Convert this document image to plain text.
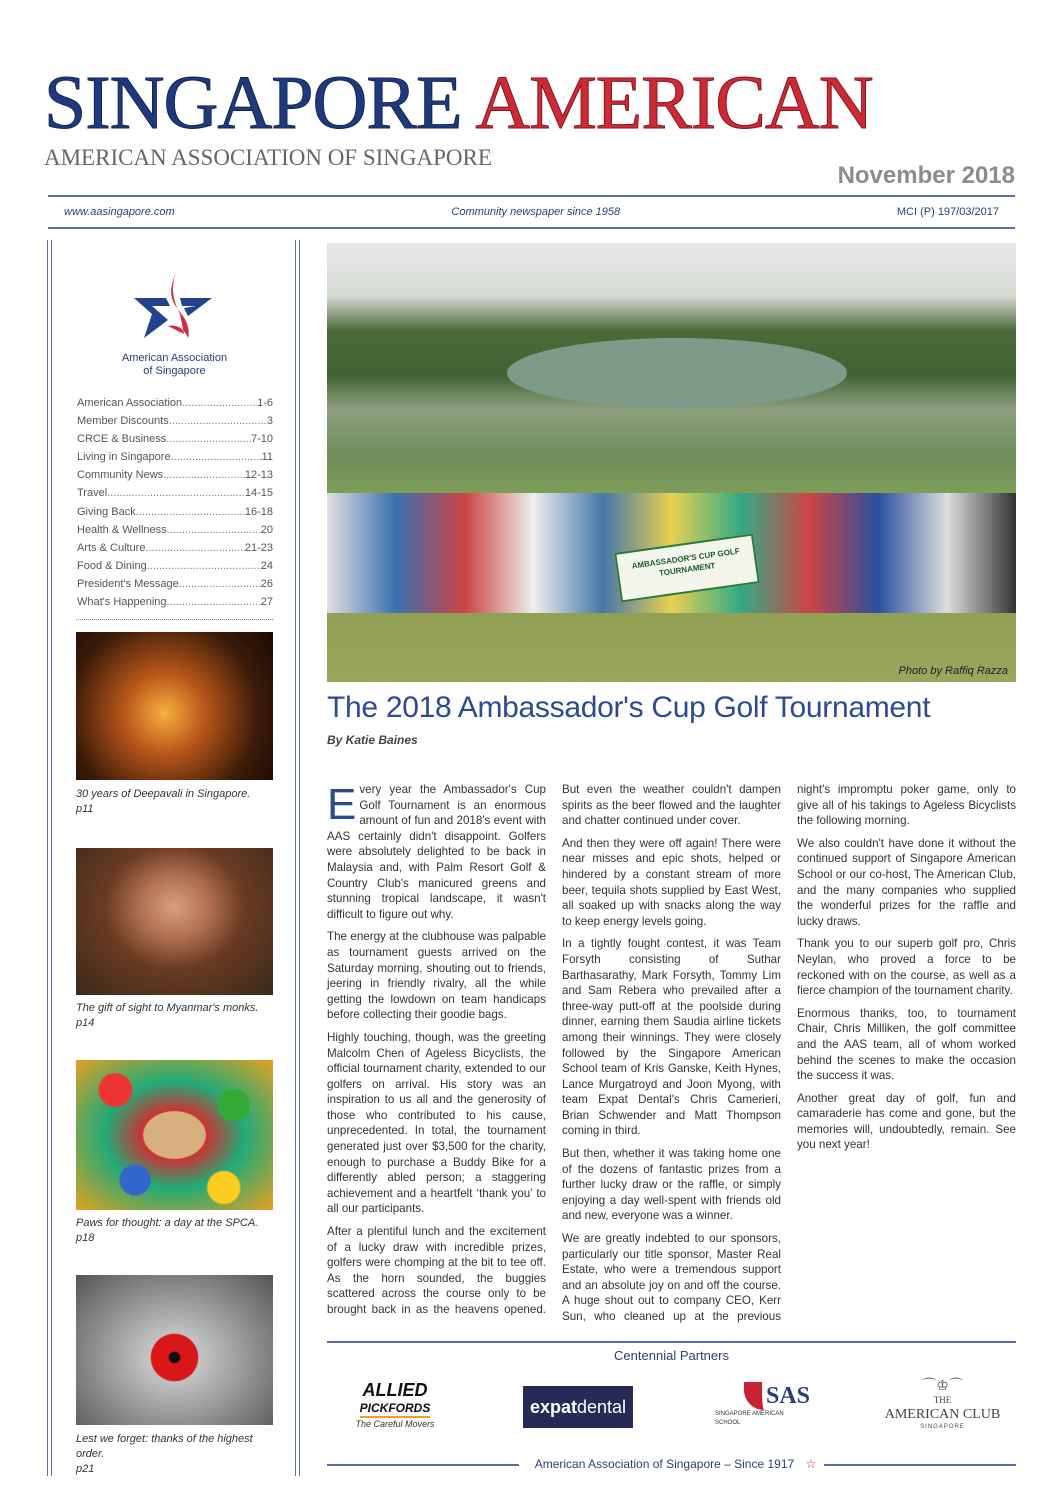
SINGAPORE AMERICAN
AMERICAN ASSOCIATION OF SINGAPORE
November 2018
www.aasingapore.com	Community newspaper since 1958	MCI (P) 197/03/2017
American Association
of Singapore
American Association .....	1-6
Member Discounts .....	3
CRCE & Business .....	7-10
Living in Singapore .....	11
Community News .....	12-13
Travel .....	14-15
Giving Back .....	16-18
Health & Wellness .....	20
Arts & Culture .....	21-23
Food & Dining .....	24
President's Message .....	26
What's Happening .....	27
30 years of Deepavali in Singapore.
p11
The gift of sight to Myanmar's monks.
p14
Paws for thought: a day at the SPCA.
p18
Lest we forget: thanks of the highest order.
p21
AMBASSADOR'S CUP GOLF TOURNAMENT
Photo by Raffiq Razza
The 2018 Ambassador's Cup Golf Tournament
By Katie Baines

Every year the Ambassador's Cup Golf Tournament is an enormous amount of fun and 2018's event with AAS certainly didn't disappoint. Golfers were absolutely delighted to be back in Malaysia and, with Palm Resort Golf & Country Club's manicured greens and stunning tropical landscape, it wasn't difficult to figure out why.

The energy at the clubhouse was palpable as tournament guests arrived on the Saturday morning, shouting out to friends, jeering in friendly rivalry, all the while getting the lowdown on team handicaps before collecting their goodie bags.

Highly touching, though, was the greeting Malcolm Chen of Ageless Bicyclists, the official tournament charity, extended to our golfers on arrival. His story was an inspiration to us all and the generosity of those who contributed to his cause, unprecedented. In total, the tournament generated just over $3,500 for the charity, enough to purchase a Buddy Bike for a differently abled person; a staggering achievement and a heartfelt ‘thank you’ to all our participants.

After a plentiful lunch and the excitement of a lucky draw with incredible prizes, golfers were chomping at the bit to tee off. As the horn sounded, the buggies scattered across the course only to be brought back in as the heavens opened. But even the weather couldn't dampen spirits as the beer flowed and the laughter and chatter continued under cover.

And then they were off again! There were near misses and epic shots, helped or hindered by a constant stream of more beer, tequila shots supplied by East West, all soaked up with snacks along the way to keep energy levels going.

In a tightly fought contest, it was Team Forsyth consisting of Suthar Barthasarathy, Mark Forsyth, Tommy Lim and Sam Rebera who prevailed after a three-way putt-off at the poolside during dinner, earning them Saudia airline tickets among their winnings. They were closely followed by the Singapore American School team of Kris Ganske, Keith Hynes, Lance Murgatroyd and Joon Myong, with team Expat Dental's Chris Camerieri, Brian Schwender and Matt Thompson coming in third.

But then, whether it was taking home one of the dozens of fantastic prizes from a further lucky draw or the raffle, or simply enjoying a day well-spent with friends old and new, everyone was a winner.

We are greatly indebted to our sponsors, particularly our title sponsor, Master Real Estate, who were a tremendous support and an absolute joy on and off the course. A huge shout out to company CEO, Kerr Sun, who cleaned up at the previous night's impromptu poker game, only to give all of his takings to Ageless Bicyclists the following morning.

We also couldn't have done it without the continued support of Singapore American School or our co-host, The American Club, and the many companies who supplied the wonderful prizes for the raffle and lucky draws.

Thank you to our superb golf pro, Chris Neylan, who proved a force to be reckoned with on the course, as well as a fierce champion of the tournament charity.

Enormous thanks, too, to tournament Chair, Chris Milliken, the golf committee and the AAS team, all of whom worked behind the scenes to make the occasion the success it was.

Another great day of golf, fun and camaraderie has come and gone, but the memories will, undoubtedly, remain. See you next year!

Centennial Partners
ALLIED
PICKFORDS
The Careful Movers
expat dental	SAS
SINGAPORE AMERICAN SCHOOL
⌒♔⌒
THE
AMERICAN CLUB
SINGAPORE
American Association of Singapore – Since 1917 ☆
